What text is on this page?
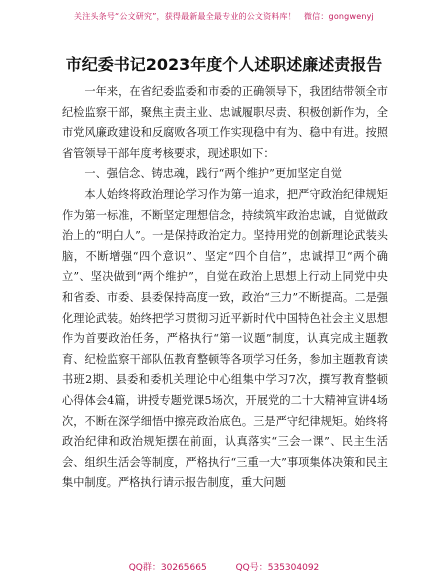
关注头条号“公文研究”，获得最新最全最专业的公文资料库！ 微信：gongwenyj
市纪委书记2023年度个人述职述廉述责报告

一年来，在省纪委监委和市委的正确领导下，我团结带领全市纪检监察干部，聚焦主责主业、忠诚履职尽责、积极创新作为，全市党风廉政建设和反腐败各项工作实现稳中有为、稳中有进。按照省管领导干部年度考核要求，现述职如下：

一、强信念、铸忠魂，践行“两个维护”更加坚定自觉

本人始终将政治理论学习作为第一追求，把严守政治纪律规矩作为第一标准，不断坚定理想信念，持续筑牢政治忠诚，自觉做政治上的“明白人”。一是保持政治定力。坚持用党的创新理论武装头脑，不断增强“四个意识”、坚定“四个自信”，忠诚捍卫“两个确立”、坚决做到“两个维护”，自觉在政治上思想上行动上同党中央和省委、市委、县委保持高度一致，政治“三力”不断提高。二是强化理论武装。始终把学习贯彻习近平新时代中国特色社会主义思想作为首要政治任务，严格执行“第一议题”制度，认真完成主题教育、纪检监察干部队伍教育整顿等各项学习任务，参加主题教育读书班2期、县委和委机关理论中心组集中学习7次，撰写教育整顿心得体会4篇，讲授专题党课5场次，开展党的二十大精神宣讲4场次，不断在深学细悟中擦亮政治底色。三是严守纪律规矩。始终将政治纪律和政治规矩摆在前面，认真落实“三会一课”、民主生活会、组织生活会等制度，严格执行“三重一大”事项集体决策和民主集中制度。严格执行请示报告制度，重大问题

QQ群：30265665	QQ号：535304092
